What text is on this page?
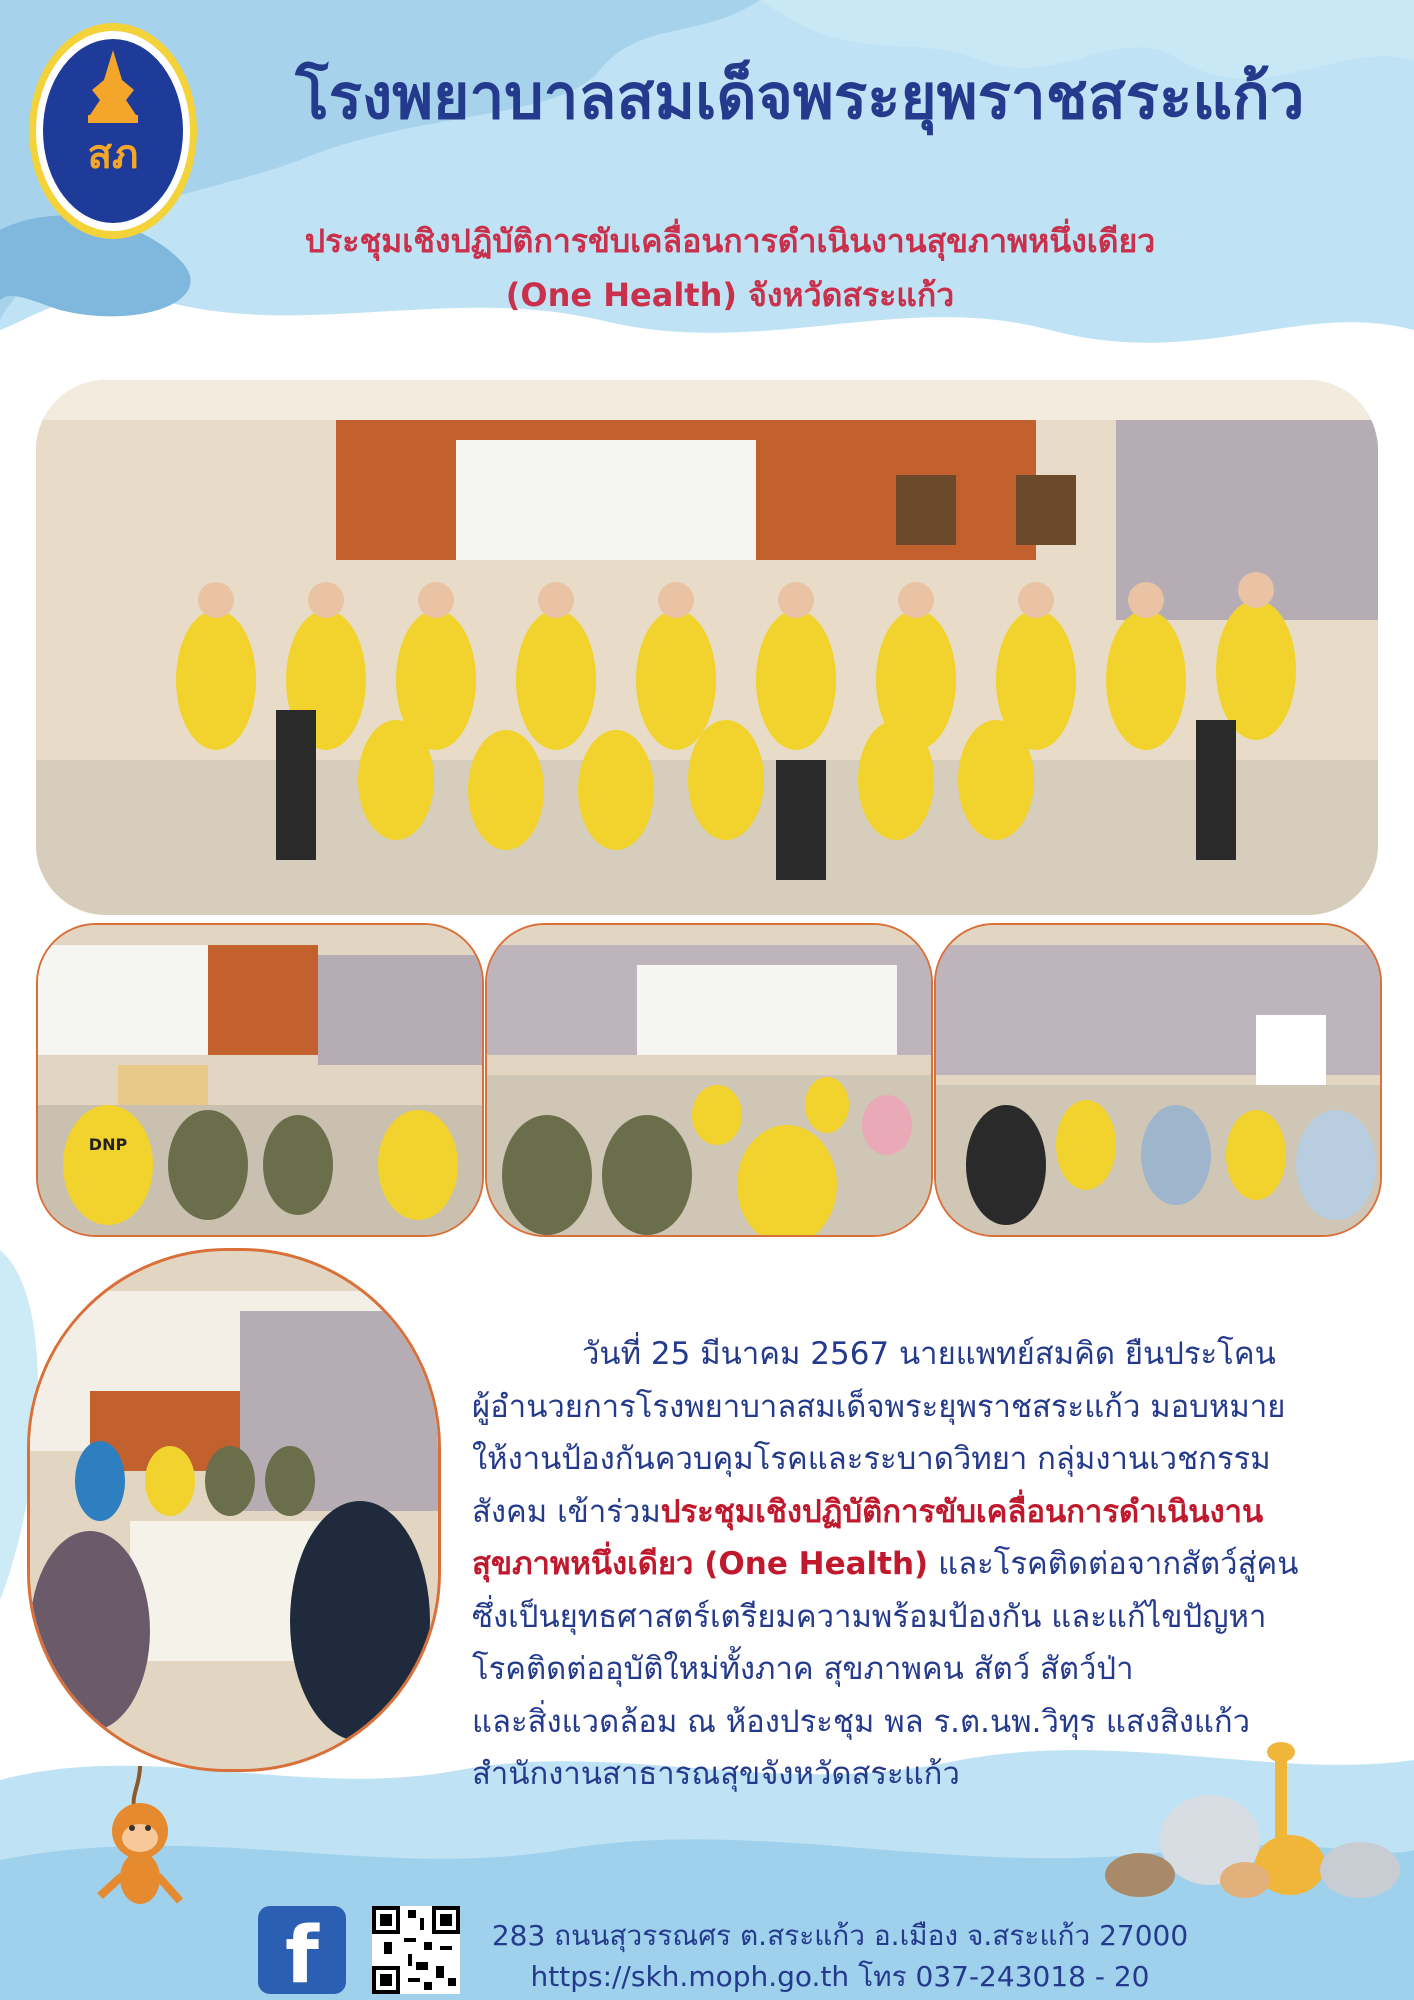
สภ
โรงพยาบาลสมเด็จพระยุพราชสระแก้ว
ประชุมเชิงปฏิบัติการขับเคลื่อนการดำเนินงานสุขภาพหนึ่งเดียว
(One Health) จังหวัดสระแก้ว
DNP
วันที่ 25 มีนาคม 2567 นายแพทย์สมคิด ยืนประโคน
ผู้อำนวยการโรงพยาบาลสมเด็จพระยุพราชสระแก้ว มอบหมาย
ให้งานป้องกันควบคุมโรคและระบาดวิทยา กลุ่มงานเวชกรรม
สังคม เข้าร่วมประชุมเชิงปฏิบัติการขับเคลื่อนการดำเนินงาน
สุขภาพหนึ่งเดียว (One Health) และโรคติดต่อจากสัตว์สู่คน
ซึ่งเป็นยุทธศาสตร์เตรียมความพร้อมป้องกัน และแก้ไขปัญหา
โรคติดต่ออุบัติใหม่ทั้งภาค สุขภาพคน สัตว์ สัตว์ป่า
และสิ่งแวดล้อม ณ ห้องประชุม พล ร.ต.นพ.วิทุร แสงสิงแก้ว
สำนักงานสาธารณสุขจังหวัดสระแก้ว
f	283 ถนนสุวรรณศร ต.สระแก้ว อ.เมือง จ.สระแก้ว 27000
https://skh.moph.go.th โทร 037-243018 - 20
